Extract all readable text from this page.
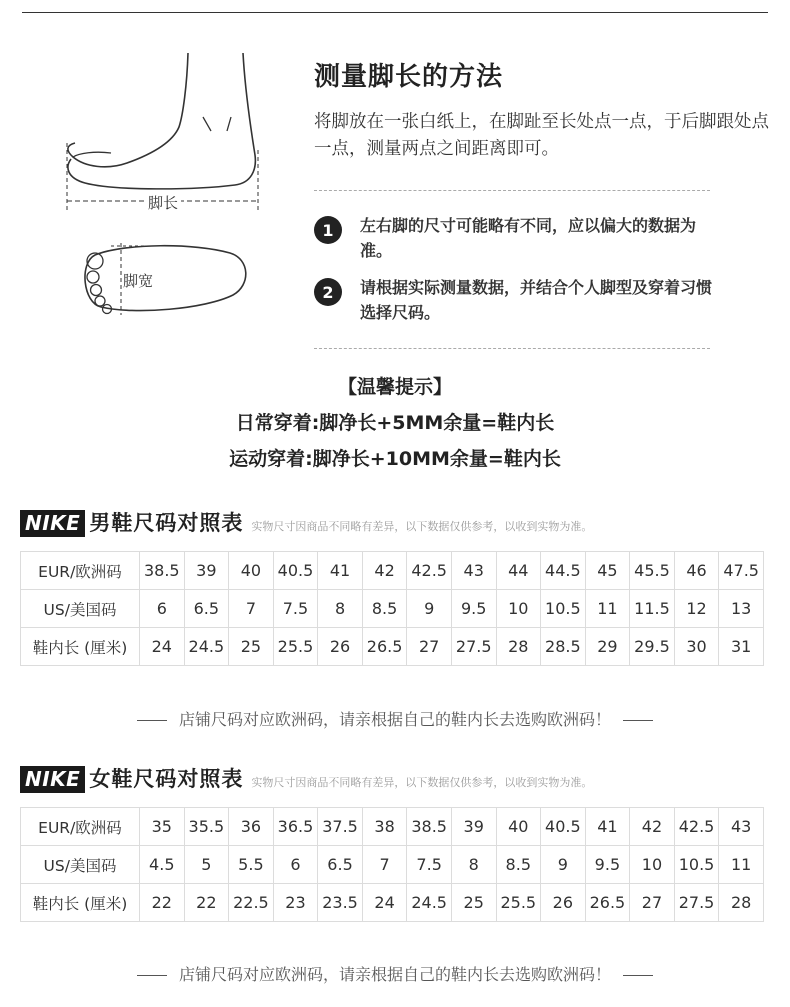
脚长
脚宽
测量脚长的方法
将脚放在一张白纸上，在脚趾至长处点一点，于后脚跟处点一点，测量两点之间距离即可。
1	左右脚的尺寸可能略有不同，应以偏大的数据为准。
2	请根据实际测量数据，并结合个人脚型及穿着习惯选择尺码。
【温馨提示】
日常穿着:脚净长+5MM余量=鞋内长
运动穿着:脚净长+10MM余量=鞋内长
NIKE 男鞋尺码对照表 实物尺寸因商品不同略有差异，以下数据仅供参考，以收到实物为准。
EUR/欧洲码	38.5	39	40	40.5	41	42	42.5	43	44	44.5	45	45.5	46	47.5
US/美国码	6	6.5	7	7.5	8	8.5	9	9.5	10	10.5	11	11.5	12	13
鞋内长 (厘米)	24	24.5	25	25.5	26	26.5	27	27.5	28	28.5	29	29.5	30	31
店铺尺码对应欧洲码，请亲根据自己的鞋内长去选购欧洲码！
NIKE 女鞋尺码对照表 实物尺寸因商品不同略有差异，以下数据仅供参考，以收到实物为准。
EUR/欧洲码	35	35.5	36	36.5	37.5	38	38.5	39	40	40.5	41	42	42.5	43
US/美国码	4.5	5	5.5	6	6.5	7	7.5	8	8.5	9	9.5	10	10.5	11
鞋内长 (厘米)	22	22	22.5	23	23.5	24	24.5	25	25.5	26	26.5	27	27.5	28
店铺尺码对应欧洲码，请亲根据自己的鞋内长去选购欧洲码！
